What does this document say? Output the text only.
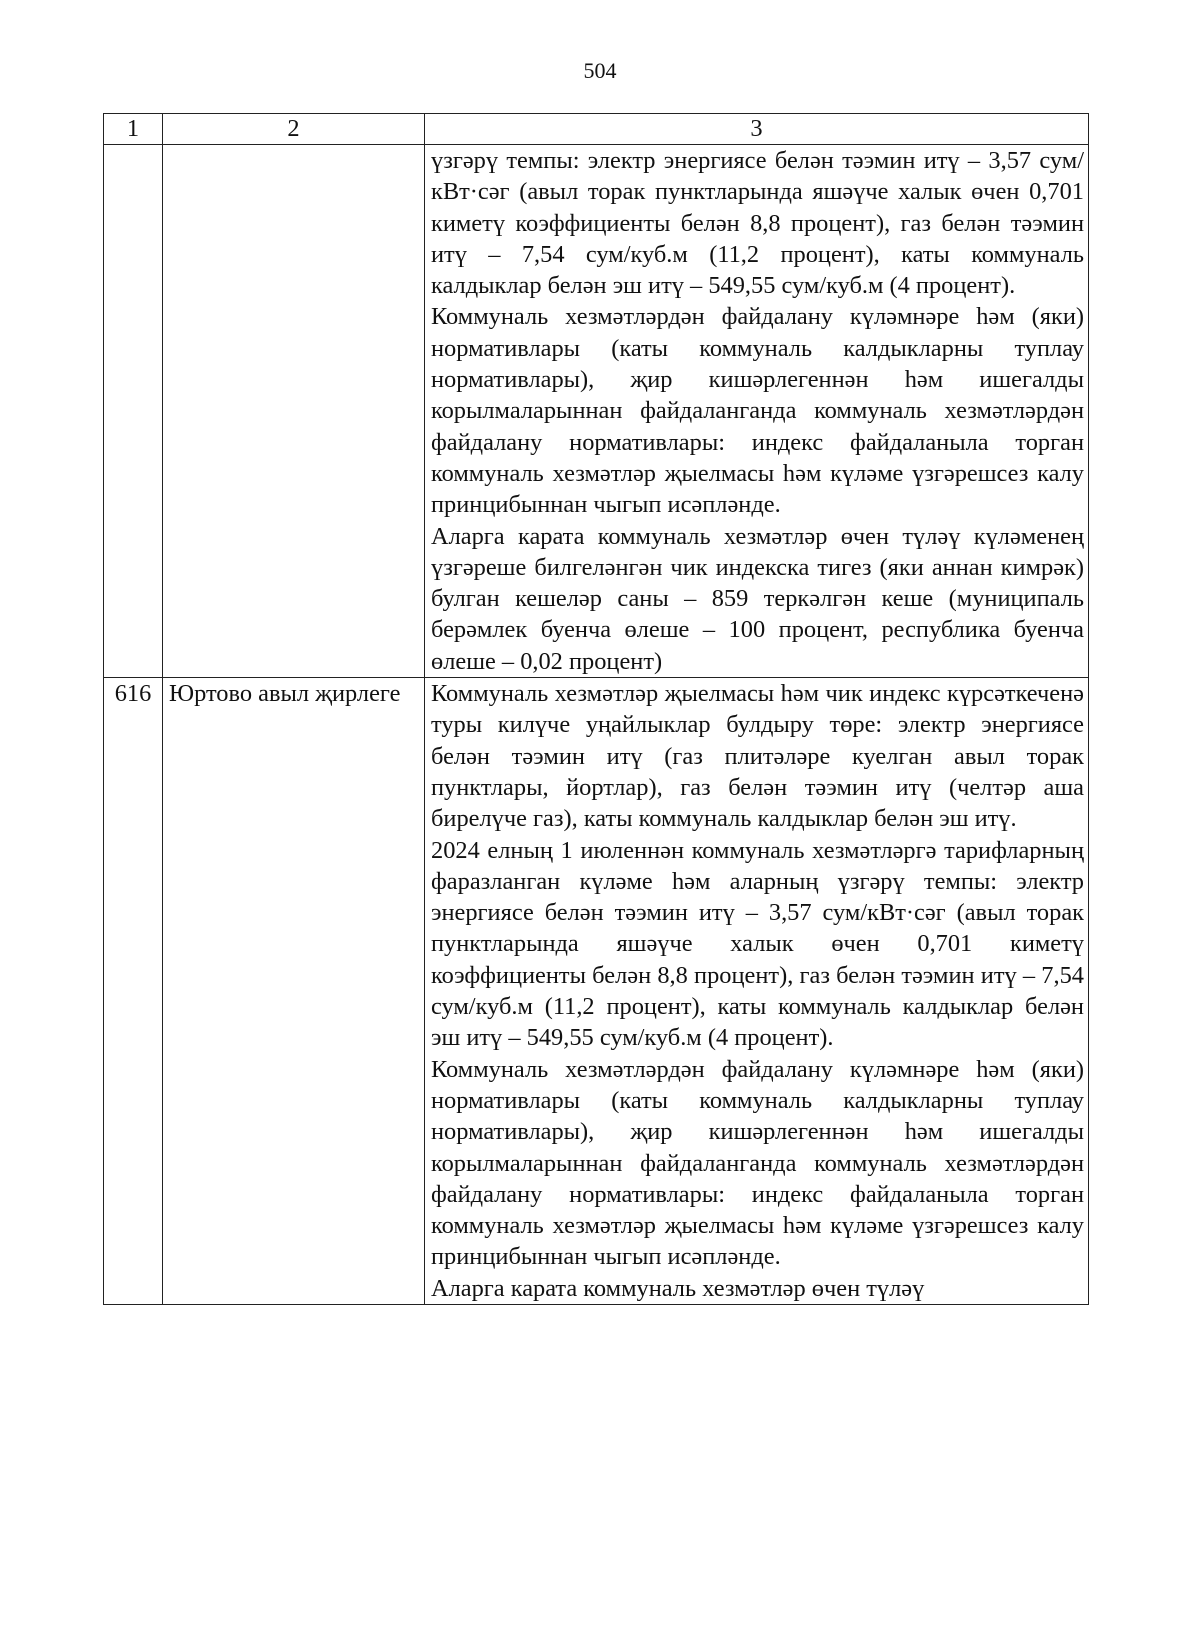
504
1	2	3

		үзгәрү темпы: электр энергиясе белән тәэмин итү – 3,57 сум/кВт·сәг (авыл торак пунктларында яшәүче халык өчен 0,701 киметү коэффициенты белән 8,8 процент), газ белән тәэмин итү – 7,54 сум/куб.м (11,2 процент), каты коммуналь калдыклар белән эш итү – 549,55 сум/куб.м (4 процент).

Коммуналь хезмәтләрдән файдалану күләмнәре һәм (яки) нормативлары (каты коммуналь калдыкларны туплау нормативлары), җир кишәрлегеннән һәм ишегалды корылмаларыннан файдаланганда коммуналь хезмәтләрдән файдалану нормативлары: индекс файдаланыла торган коммуналь хезмәтләр җыелмасы һәм күләме үзгәрешсез калу принцибыннан чыгып исәпләнде.

Аларга карата коммуналь хезмәтләр өчен түләү күләменең үзгәреше билгеләнгән чик индекска тигез (яки аннан кимрәк) булган кешеләр саны – 859 теркәлгән кеше (муниципаль берәмлек буенча өлеше – 100 процент, республика буенча өлеше – 0,02 процент)

616	Юртово авыл җирлеге	Коммуналь хезмәтләр җыелмасы һәм чик индекс күрсәткеченә туры килүче уңайлыклар булдыру төре: электр энергиясе белән тәэмин итү (газ плитәләре куелган авыл торак пунктлары, йортлар), газ белән тәэмин итү (челтәр аша бирелүче газ), каты коммуналь калдыклар белән эш итү.

2024 елның 1 июленнән коммуналь хезмәтләргә тарифларның фаразланган күләме һәм аларның үзгәрү темпы: электр энергиясе белән тәэмин итү – 3,57 сум/кВт·сәг (авыл торак пунктларында яшәүче халык өчен 0,701 киметү коэффициенты белән 8,8 процент), газ белән тәэмин итү – 7,54 сум/куб.м (11,2 процент), каты коммуналь калдыклар белән эш итү – 549,55 сум/куб.м (4 процент).

Коммуналь хезмәтләрдән файдалану күләмнәре һәм (яки) нормативлары (каты коммуналь калдыкларны туплау нормативлары), җир кишәрлегеннән һәм ишегалды корылмаларыннан файдаланганда коммуналь хезмәтләрдән файдалану нормативлары: индекс файдаланыла торган коммуналь хезмәтләр җыелмасы һәм күләме үзгәрешсез калу принцибыннан чыгып исәпләнде.

Аларга карата коммуналь хезмәтләр өчен түләү
